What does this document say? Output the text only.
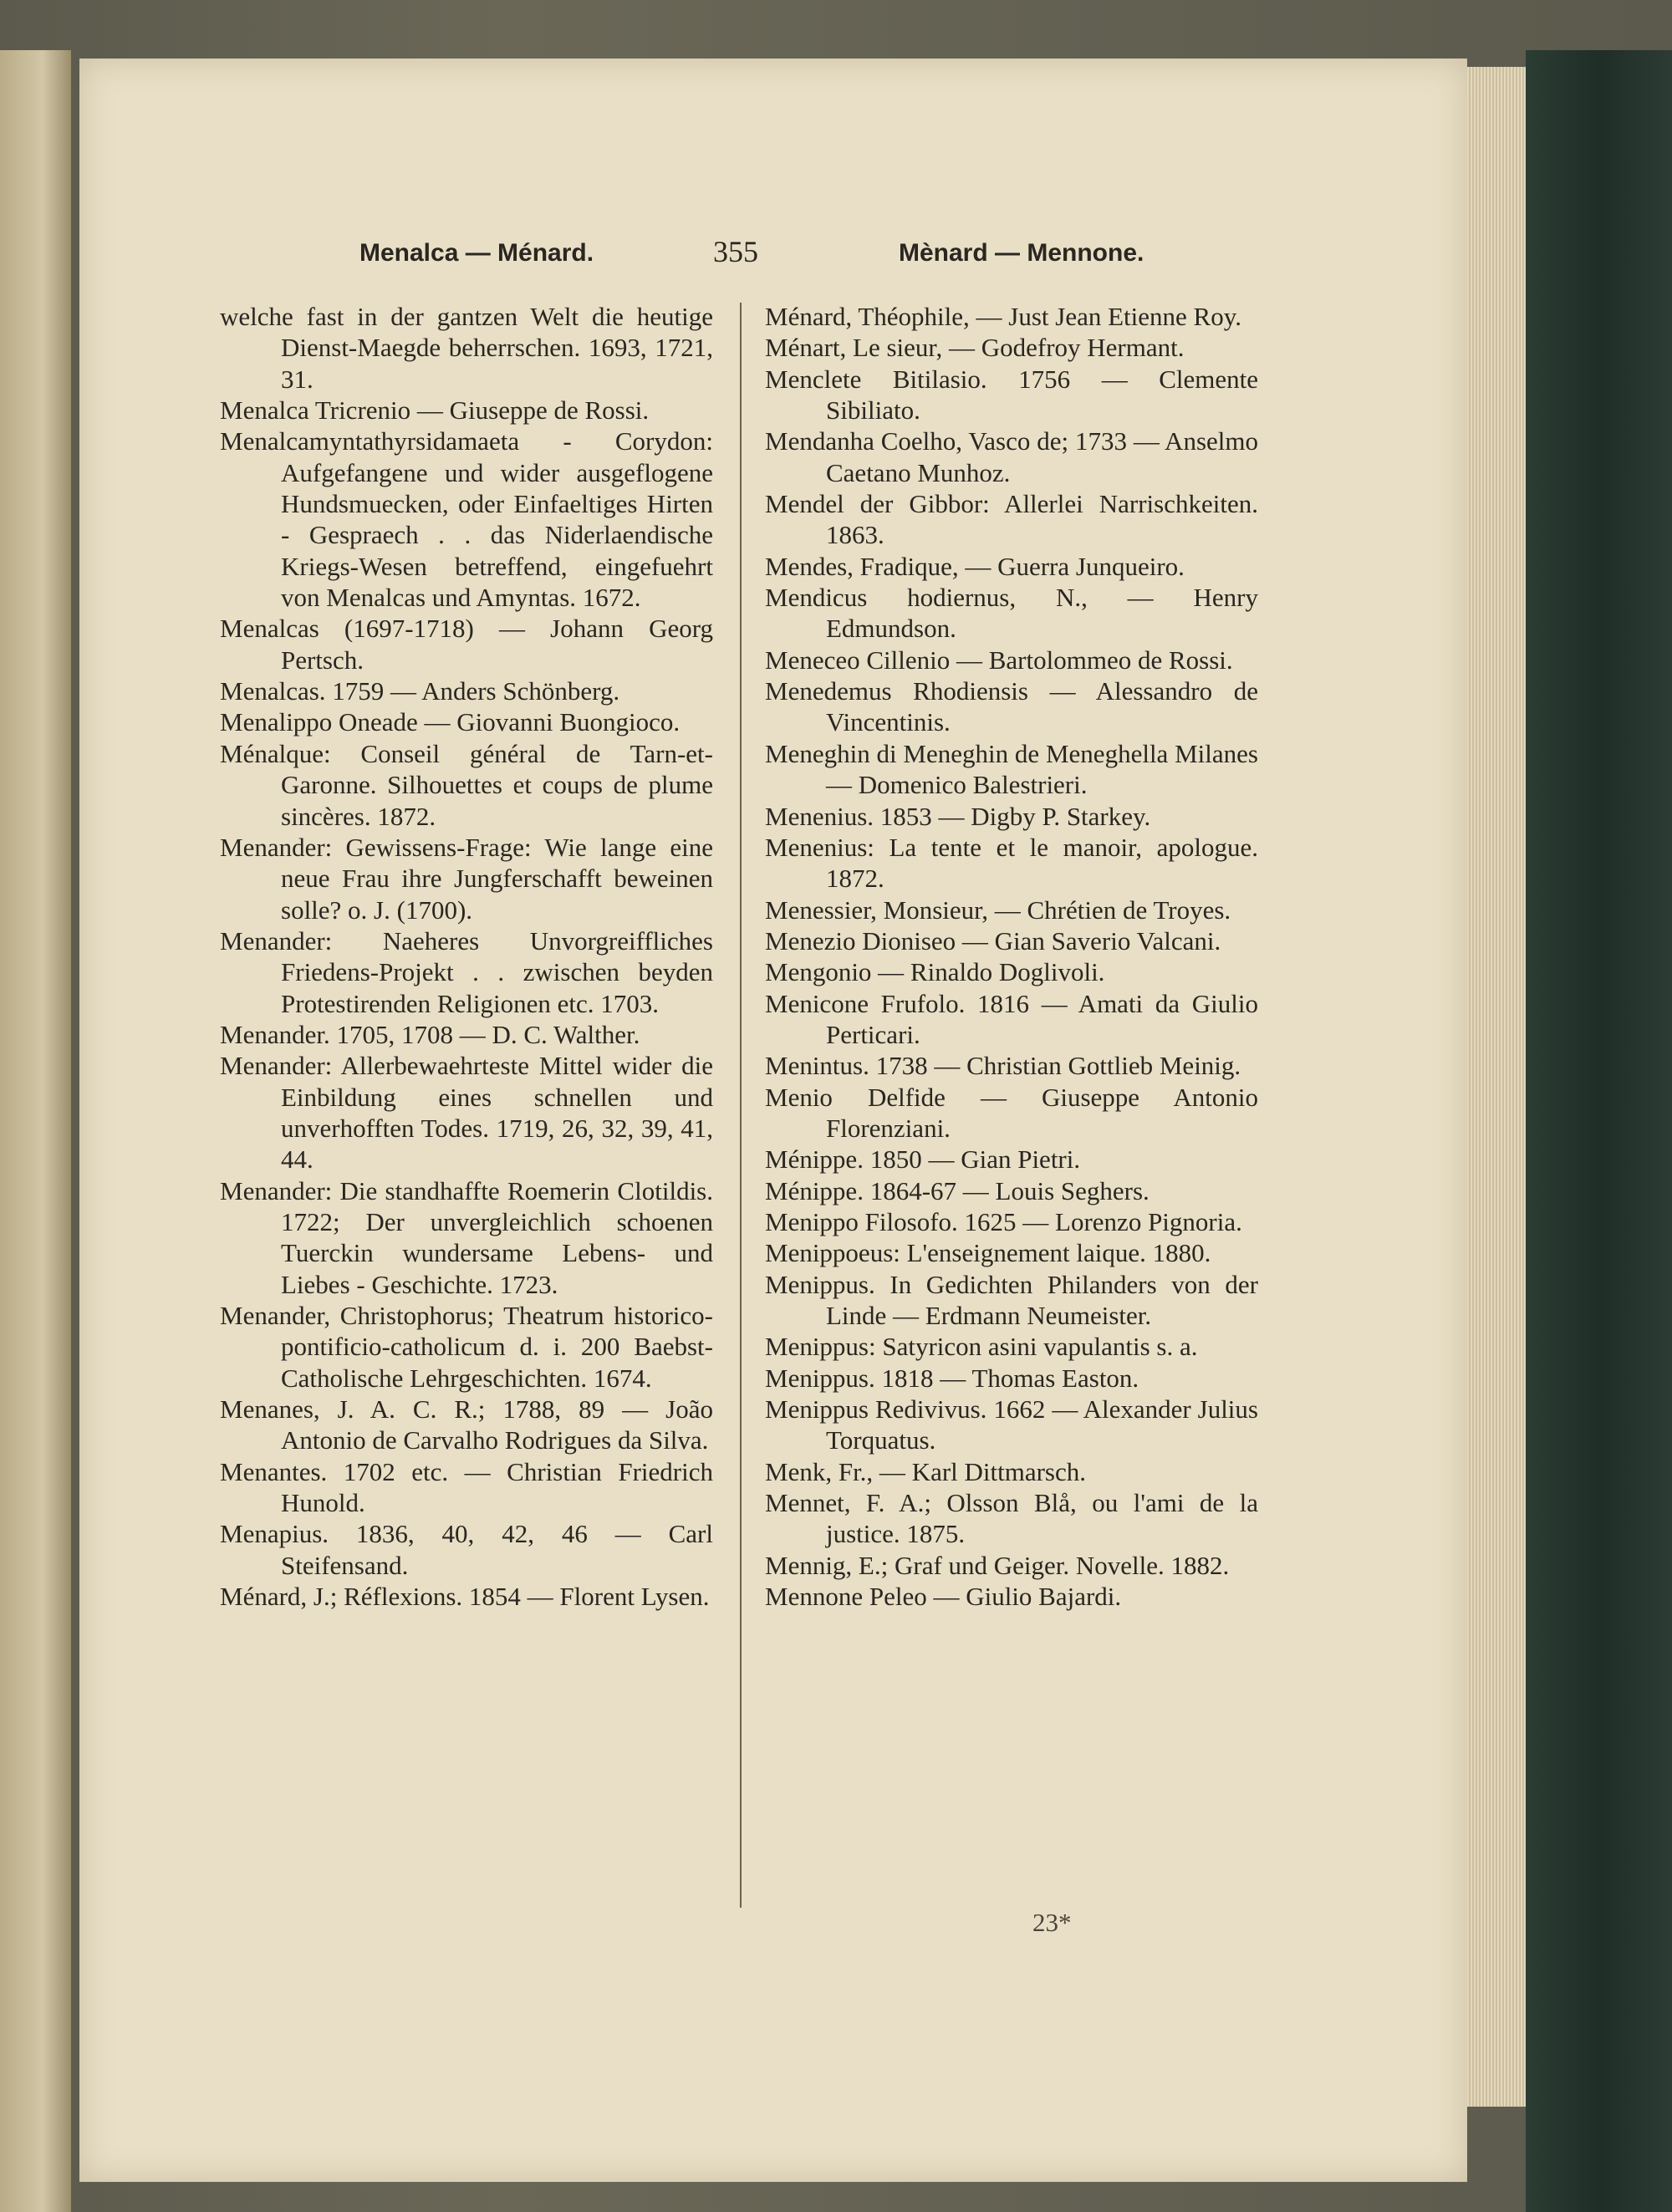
Menalca — Ménard.	355	Mènard — Mennone.

welche fast in der gantzen Welt die heutige Dienst-Maegde beherrschen. 1693, 1721, 31.

Menalca Tricrenio — Giuseppe de Rossi.

Menalcamyntathyrsidamaeta - Corydon: Aufgefangene und wider ausgeflogene Hundsmuecken, oder Einfaeltiges Hirten - Gespraech . . das Niderlaendische Kriegs-Wesen betreffend, eingefuehrt von Menalcas und Amyntas. 1672.

Menalcas (1697-1718) — Johann Georg Pertsch.

Menalcas. 1759 — Anders Schönberg.

Menalippo Oneade — Giovanni Buongioco.

Ménalque: Conseil général de Tarn-et-Garonne. Silhouettes et coups de plume sincères. 1872.

Menander: Gewissens-Frage: Wie lange eine neue Frau ihre Jungferschafft beweinen solle? o. J. (1700).

Menander: Naeheres Unvorgreiffliches Friedens-Projekt . . zwischen beyden Protestirenden Religionen etc. 1703.

Menander. 1705, 1708 — D. C. Walther.

Menander: Allerbewaehrteste Mittel wider die Einbildung eines schnellen und unverhofften Todes. 1719, 26, 32, 39, 41, 44.

Menander: Die standhaffte Roemerin Clotildis. 1722; Der unvergleichlich schoenen Tuerckin wundersame Lebens- und Liebes - Geschichte. 1723.

Menander, Christophorus; Theatrum historico-pontificio-catholicum d. i. 200 Baebst-Catholische Lehrgeschichten. 1674.

Menanes, J. A. C. R.; 1788, 89 — João Antonio de Carvalho Rodrigues da Silva.

Menantes. 1702 etc. — Christian Friedrich Hunold.

Menapius. 1836, 40, 42, 46 — Carl Steifensand.

Ménard, J.; Réflexions. 1854 — Florent Lysen.

Ménard, Théophile, — Just Jean Etienne Roy.

Ménart, Le sieur, — Godefroy Hermant.

Menclete Bitilasio. 1756 — Clemente Sibiliato.

Mendanha Coelho, Vasco de; 1733 — Anselmo Caetano Munhoz.

Mendel der Gibbor: Allerlei Narrischkeiten. 1863.

Mendes, Fradique, — Guerra Junqueiro.

Mendicus hodiernus, N., — Henry Edmundson.

Meneceo Cillenio — Bartolommeo de Rossi.

Menedemus Rhodiensis — Alessandro de Vincentinis.

Meneghin di Meneghin de Meneghella Milanes — Domenico Balestrieri.

Menenius. 1853 — Digby P. Starkey.

Menenius: La tente et le manoir, apologue. 1872.

Menessier, Monsieur, — Chrétien de Troyes.

Menezio Dioniseo — Gian Saverio Valcani.

Mengonio — Rinaldo Doglivoli.

Menicone Frufolo. 1816 — Amati da Giulio Perticari.

Menintus. 1738 — Christian Gottlieb Meinig.

Menio Delfide — Giuseppe Antonio Florenziani.

Ménippe. 1850 — Gian Pietri.

Ménippe. 1864-67 — Louis Seghers.

Menippo Filosofo. 1625 — Lorenzo Pignoria.

Menippoeus: L'enseignement laique. 1880.

Menippus. In Gedichten Philanders von der Linde — Erdmann Neumeister.

Menippus: Satyricon asini vapulantis s. a.

Menippus. 1818 — Thomas Easton.

Menippus Redivivus. 1662 — Alexander Julius Torquatus.

Menk, Fr., — Karl Dittmarsch.

Mennet, F. A.; Olsson Blå, ou l'ami de la justice. 1875.

Mennig, E.; Graf und Geiger. Novelle. 1882.

Mennone Peleo — Giulio Bajardi.

23*
